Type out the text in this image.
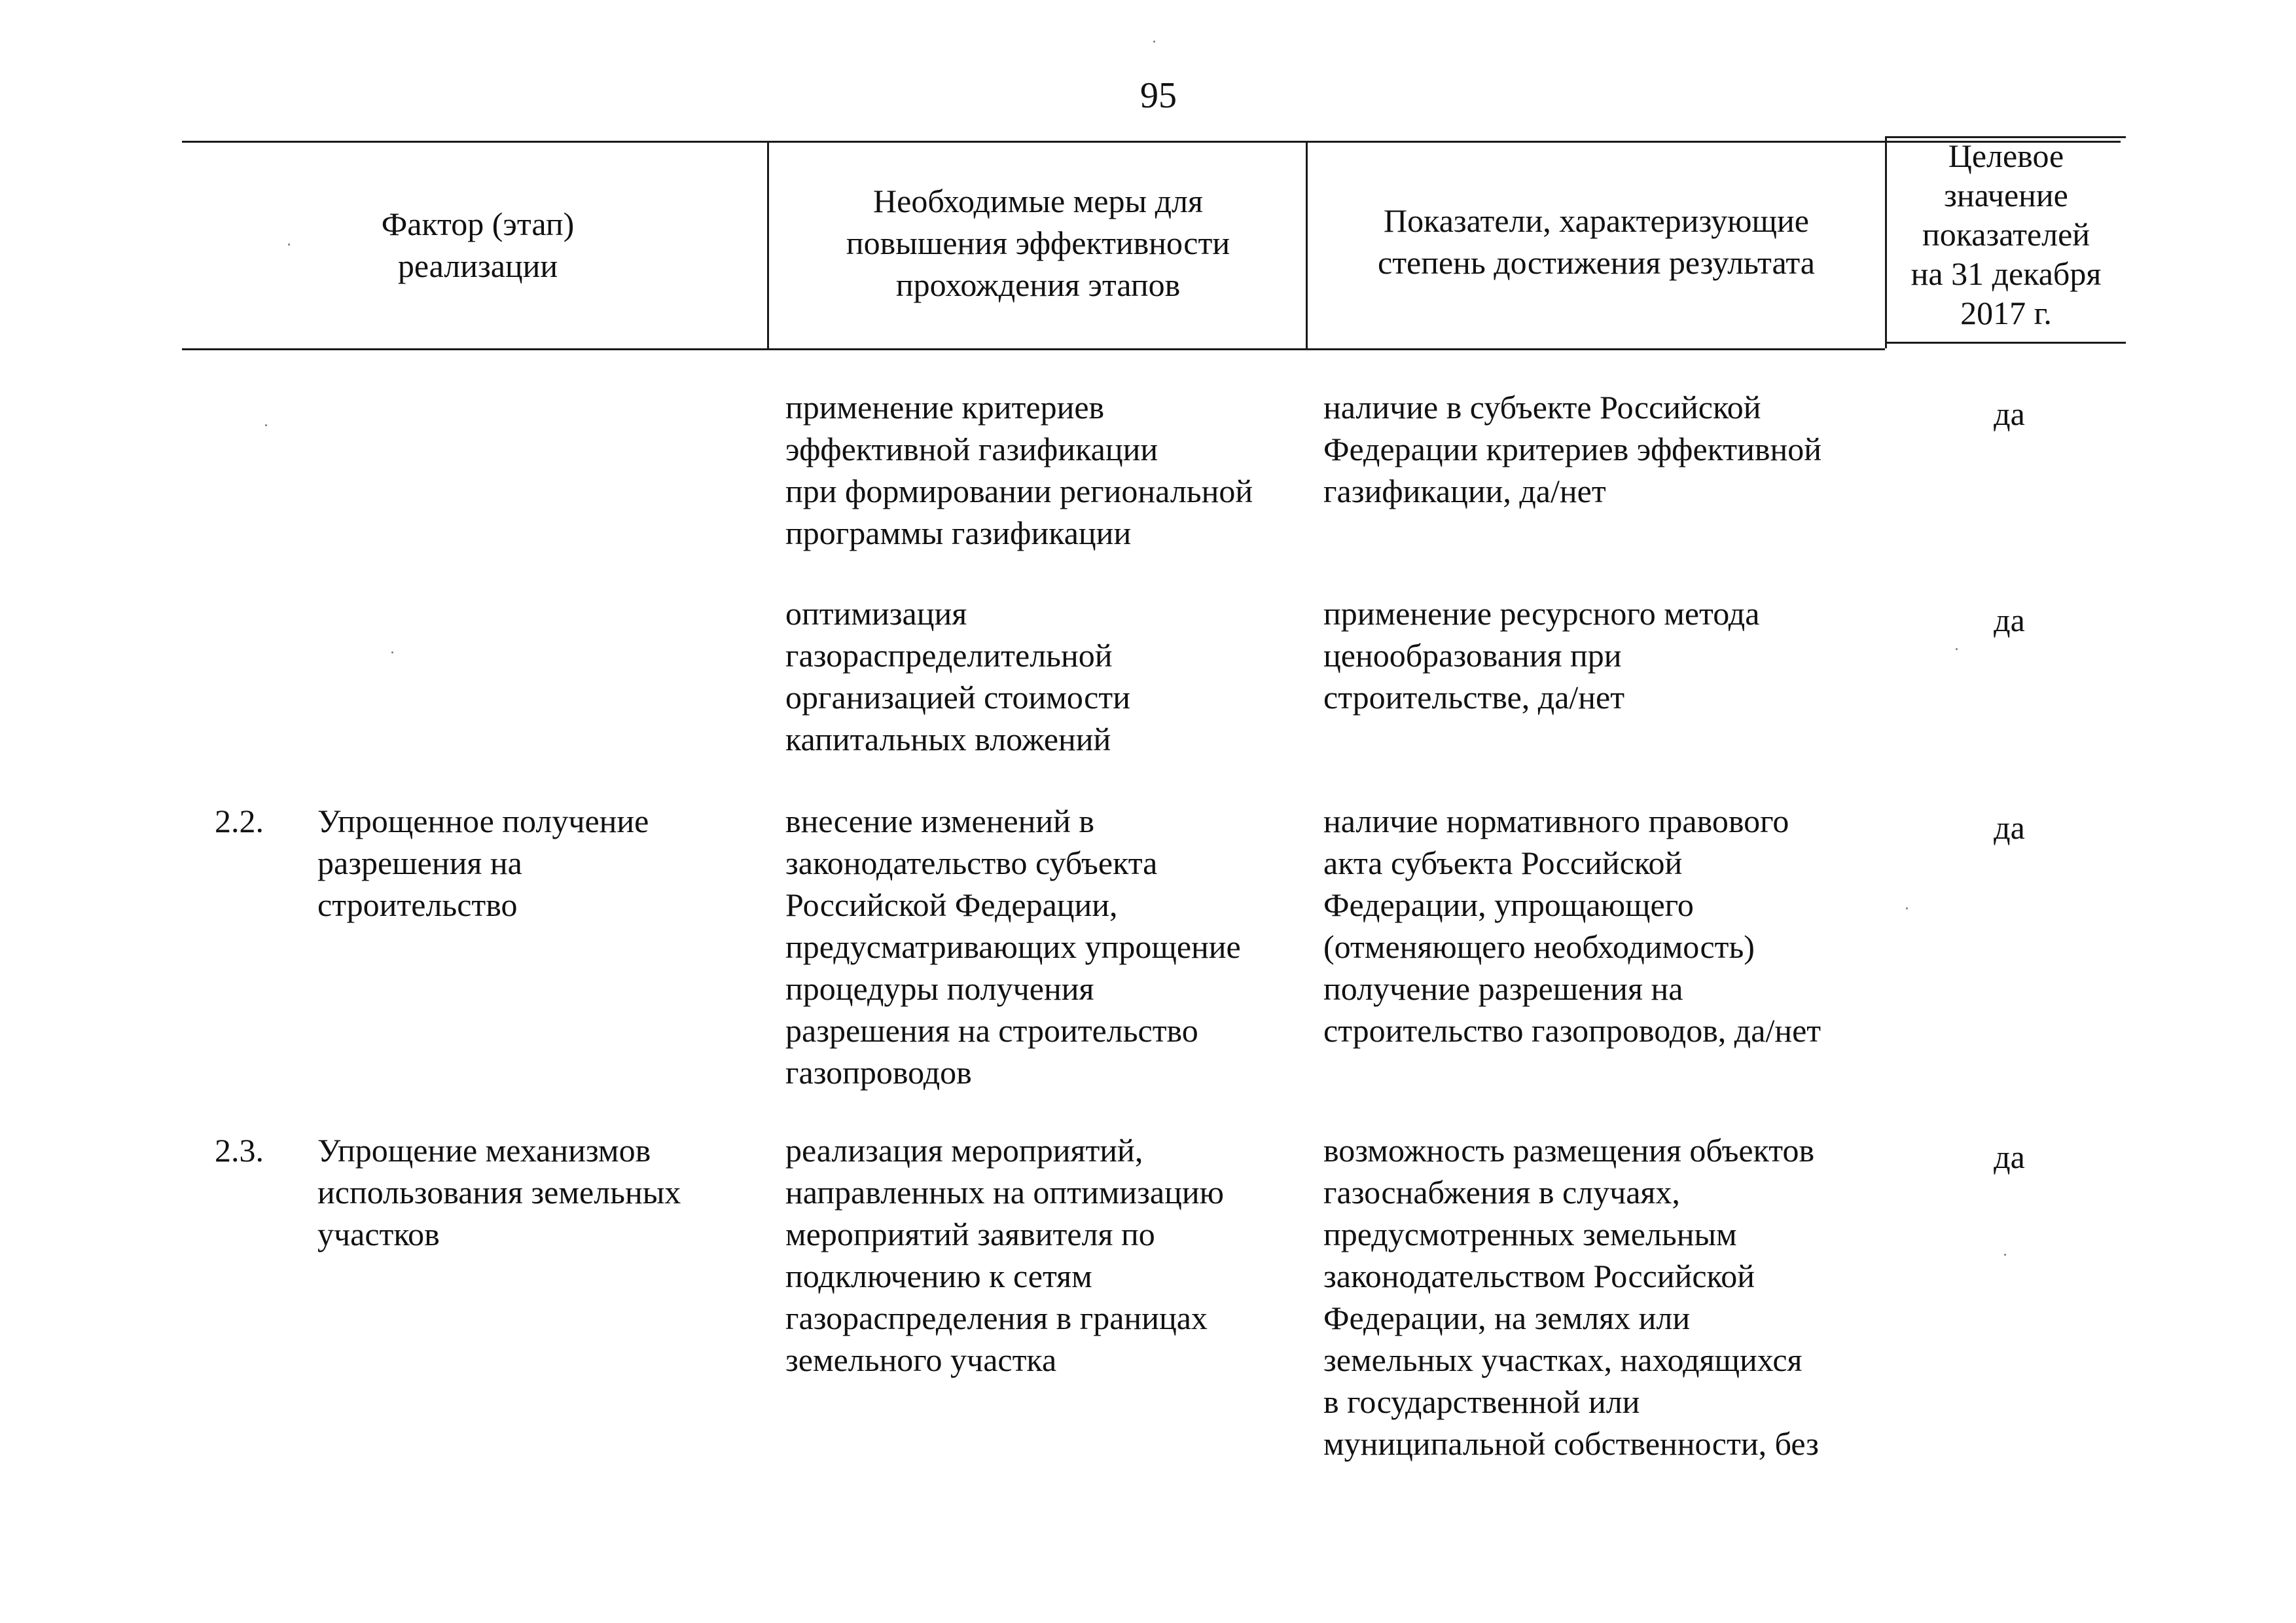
95
Фактор (этап)
реализации
Необходимые меры для
повышения эффективности
прохождения этапов
Показатели, характеризующие
степень достижения результата
Целевое
значение
показателей
на 31 декабря
2017 г.
применение критериев
эффективной газификации
при формировании региональной
программы газификации
наличие в субъекте Российской
Федерации критериев эффективной
газификации, да/нет
да
оптимизация
газораспределительной
организацией стоимости
капитальных вложений
применение ресурсного метода
ценообразования при
строительстве, да/нет
да
2.2.	Упрощенное получение
разрешения на
строительство
внесение изменений в
законодательство субъекта
Российской Федерации,
предусматривающих упрощение
процедуры получения
разрешения на строительство
газопроводов
наличие нормативного правового
акта субъекта Российской
Федерации, упрощающего
(отменяющего необходимость)
получение разрешения на
строительство газопроводов, да/нет
да
2.3.	Упрощение механизмов
использования земельных
участков
реализация мероприятий,
направленных на оптимизацию
мероприятий заявителя по
подключению к сетям
газораспределения в границах
земельного участка
возможность размещения объектов
газоснабжения в случаях,
предусмотренных земельным
законодательством Российской
Федерации, на землях или
земельных участках, находящихся
в государственной или
муниципальной собственности, без
да
